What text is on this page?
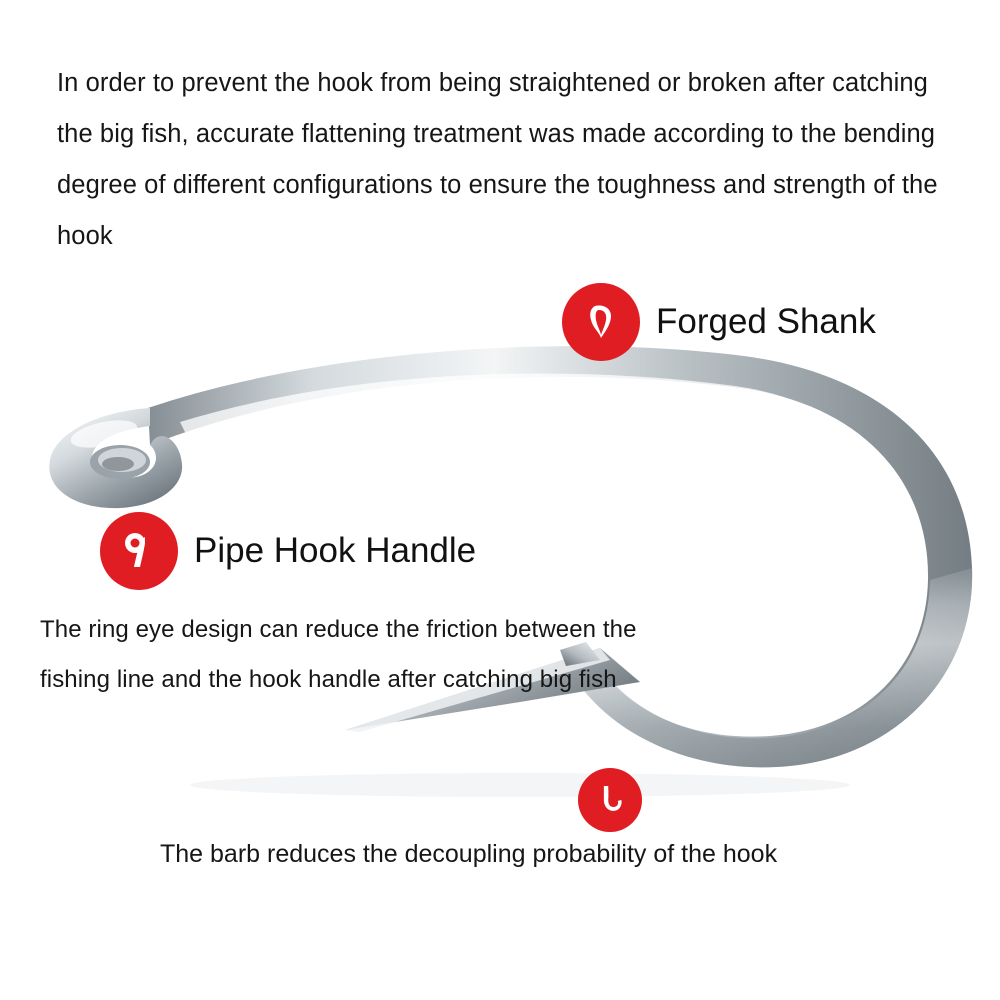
In order to prevent the hook from being straightened or broken after catching the big fish, accurate flattening treatment was made according to the bending degree of different configurations to ensure the toughness and strength of the hook
Forged Shank
Pipe Hook Handle
The ring eye design can reduce the friction between the fishing line and the hook handle after catching big fish
The barb reduces the decoupling probability of the hook
